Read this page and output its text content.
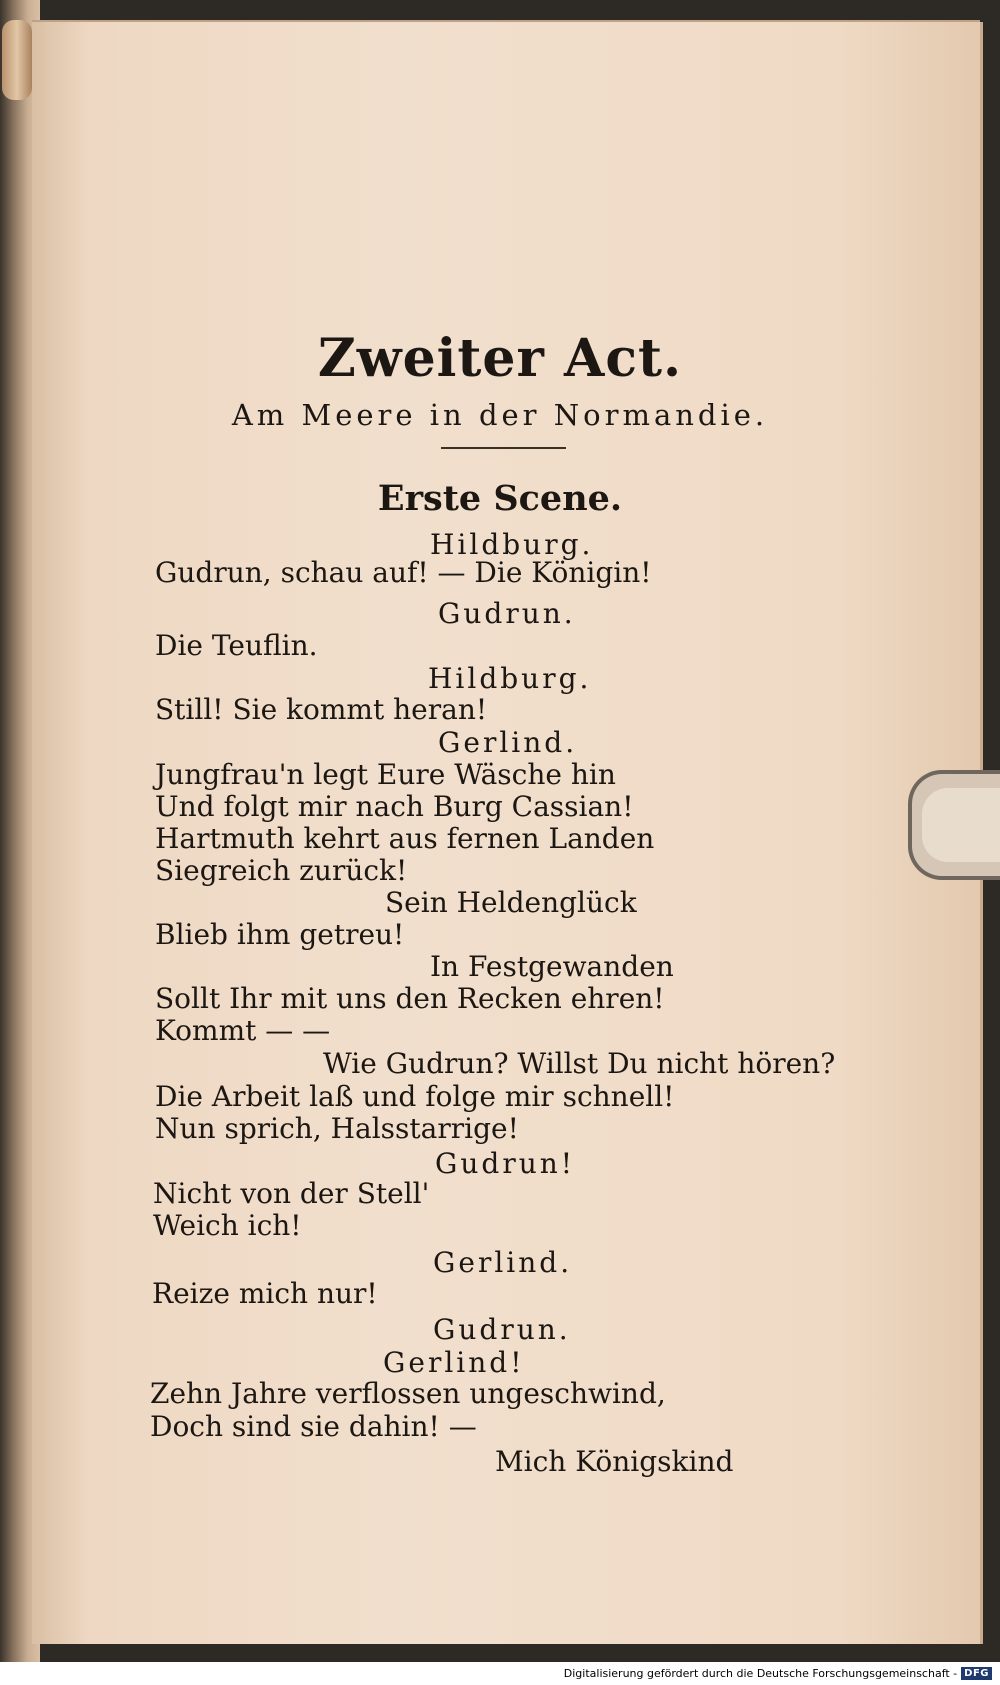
Zweiter Act.
Am Meere in der Normandie.
Erste Scene.
Hildburg.
Gudrun, schau auf! — Die Königin!
Gudrun.
Die Teuflin.
Hildburg.
Still! Sie kommt heran!
Gerlind.
Jungfrau'n legt Eure Wäsche hin
Und folgt mir nach Burg Cassian!
Hartmuth kehrt aus fernen Landen
Siegreich zurück!
Sein Heldenglück
Blieb ihm getreu!
In Festgewanden
Sollt Ihr mit uns den Recken ehren!
Kommt — —
Wie Gudrun? Willst Du nicht hören?
Die Arbeit laß und folge mir schnell!
Nun sprich, Halsstarrige!
Gudrun!
Nicht von der Stell'
Weich ich!
Gerlind.
Reize mich nur!
Gudrun.
Gerlind!
Zehn Jahre verflossen ungeschwind,
Doch sind sie dahin! —
Mich Königskind
Digitalisierung gefördert durch die Deutsche Forschungsgemeinschaft - DFG
